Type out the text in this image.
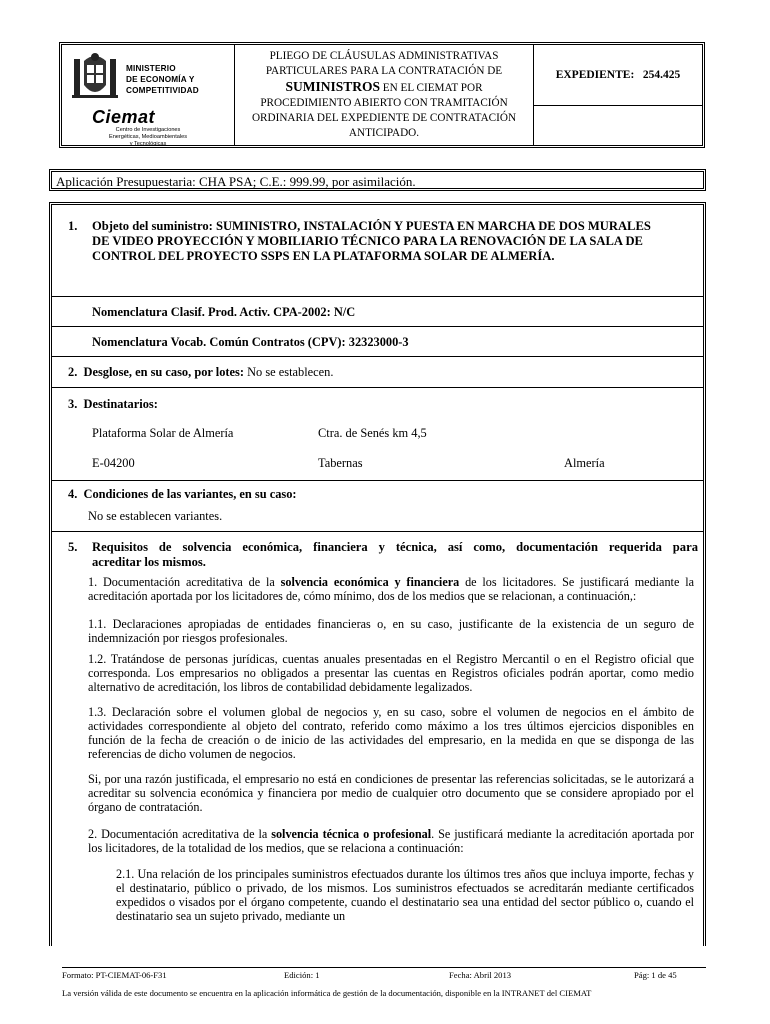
MINISTERIO
DE ECONOMÍA Y
COMPETITIVIDAD
Ciemat
Centro de Investigaciones
Energéticas, Medioambientales
y Tecnológicas
PLIEGO DE CLÁUSULAS ADMINISTRATIVAS
PARTICULARES PARA LA CONTRATACIÓN DE
SUMINISTROS EN EL CIEMAT POR
PROCEDIMIENTO ABIERTO CON TRAMITACIÓN
ORDINARIA DEL EXPEDIENTE DE CONTRATACIÓN
ANTICIPADO.
EXPEDIENTE:
254.425
Aplicación Presupuestaria: CHA PSA; C.E.: 999.99, por asimilación.
1. Objeto del suministro: SUMINISTRO, INSTALACIÓN Y PUESTA EN MARCHA DE DOS MURALES
DE VIDEO PROYECCIÓN Y MOBILIARIO TÉCNICO PARA LA RENOVACIÓN DE LA SALA DE
CONTROL DEL PROYECTO SSPS EN LA PLATAFORMA SOLAR DE ALMERÍA.
Nomenclatura Clasif. Prod. Activ. CPA-2002: N/C
Nomenclatura Vocab. Común Contratos (CPV): 32323000-3
2. Desglose, en su caso, por lotes: No se establecen.
3. Destinatarios:
Plataforma Solar de Almería	Ctra. de Senés km 4,5
E-04200	Tabernas	Almería
4. Condiciones de las variantes, en su caso:
No se establecen variantes.
5. Requisitos de solvencia económica, financiera y técnica, así como, documentación requerida para
acreditar los mismos.
1. Documentación acreditativa de la solvencia económica y financiera de los licitadores. Se justificará mediante la acreditación aportada por los licitadores de, cómo mínimo, dos de los medios que se relacionan, a continuación,:
1.1. Declaraciones apropiadas de entidades financieras o, en su caso, justificante de la existencia de un seguro de indemnización por riesgos profesionales.
1.2. Tratándose de personas jurídicas, cuentas anuales presentadas en el Registro Mercantil o en el Registro oficial que corresponda. Los empresarios no obligados a presentar las cuentas en Registros oficiales podrán aportar, como medio alternativo de acreditación, los libros de contabilidad debidamente legalizados.
1.3. Declaración sobre el volumen global de negocios y, en su caso, sobre el volumen de negocios en el ámbito de actividades correspondiente al objeto del contrato, referido como máximo a los tres últimos ejercicios disponibles en función de la fecha de creación o de inicio de las actividades del empresario, en la medida en que se disponga de las referencias de dicho volumen de negocios.
Si, por una razón justificada, el empresario no está en condiciones de presentar las referencias solicitadas, se le autorizará a acreditar su solvencia económica y financiera por medio de cualquier otro documento que se considere apropiado por el órgano de contratación.
2. Documentación acreditativa de la solvencia técnica o profesional. Se justificará mediante la acreditación aportada por los licitadores, de la totalidad de los medios, que se relaciona a continuación:
2.1. Una relación de los principales suministros efectuados durante los últimos tres años que incluya importe, fechas y el destinatario, público o privado, de los mismos. Los suministros efectuados se acreditarán mediante certificados expedidos o visados por el órgano competente, cuando el destinatario sea una entidad del sector público o, cuando el destinatario sea un sujeto privado, mediante un
Formato: PT-CIEMAT-06-F31	Edición: 1	Fecha: Abril 2013	Pág: 1 de 45
La versión válida de este documento se encuentra en la aplicación informática de gestión de la documentación, disponible en la INTRANET del CIEMAT
